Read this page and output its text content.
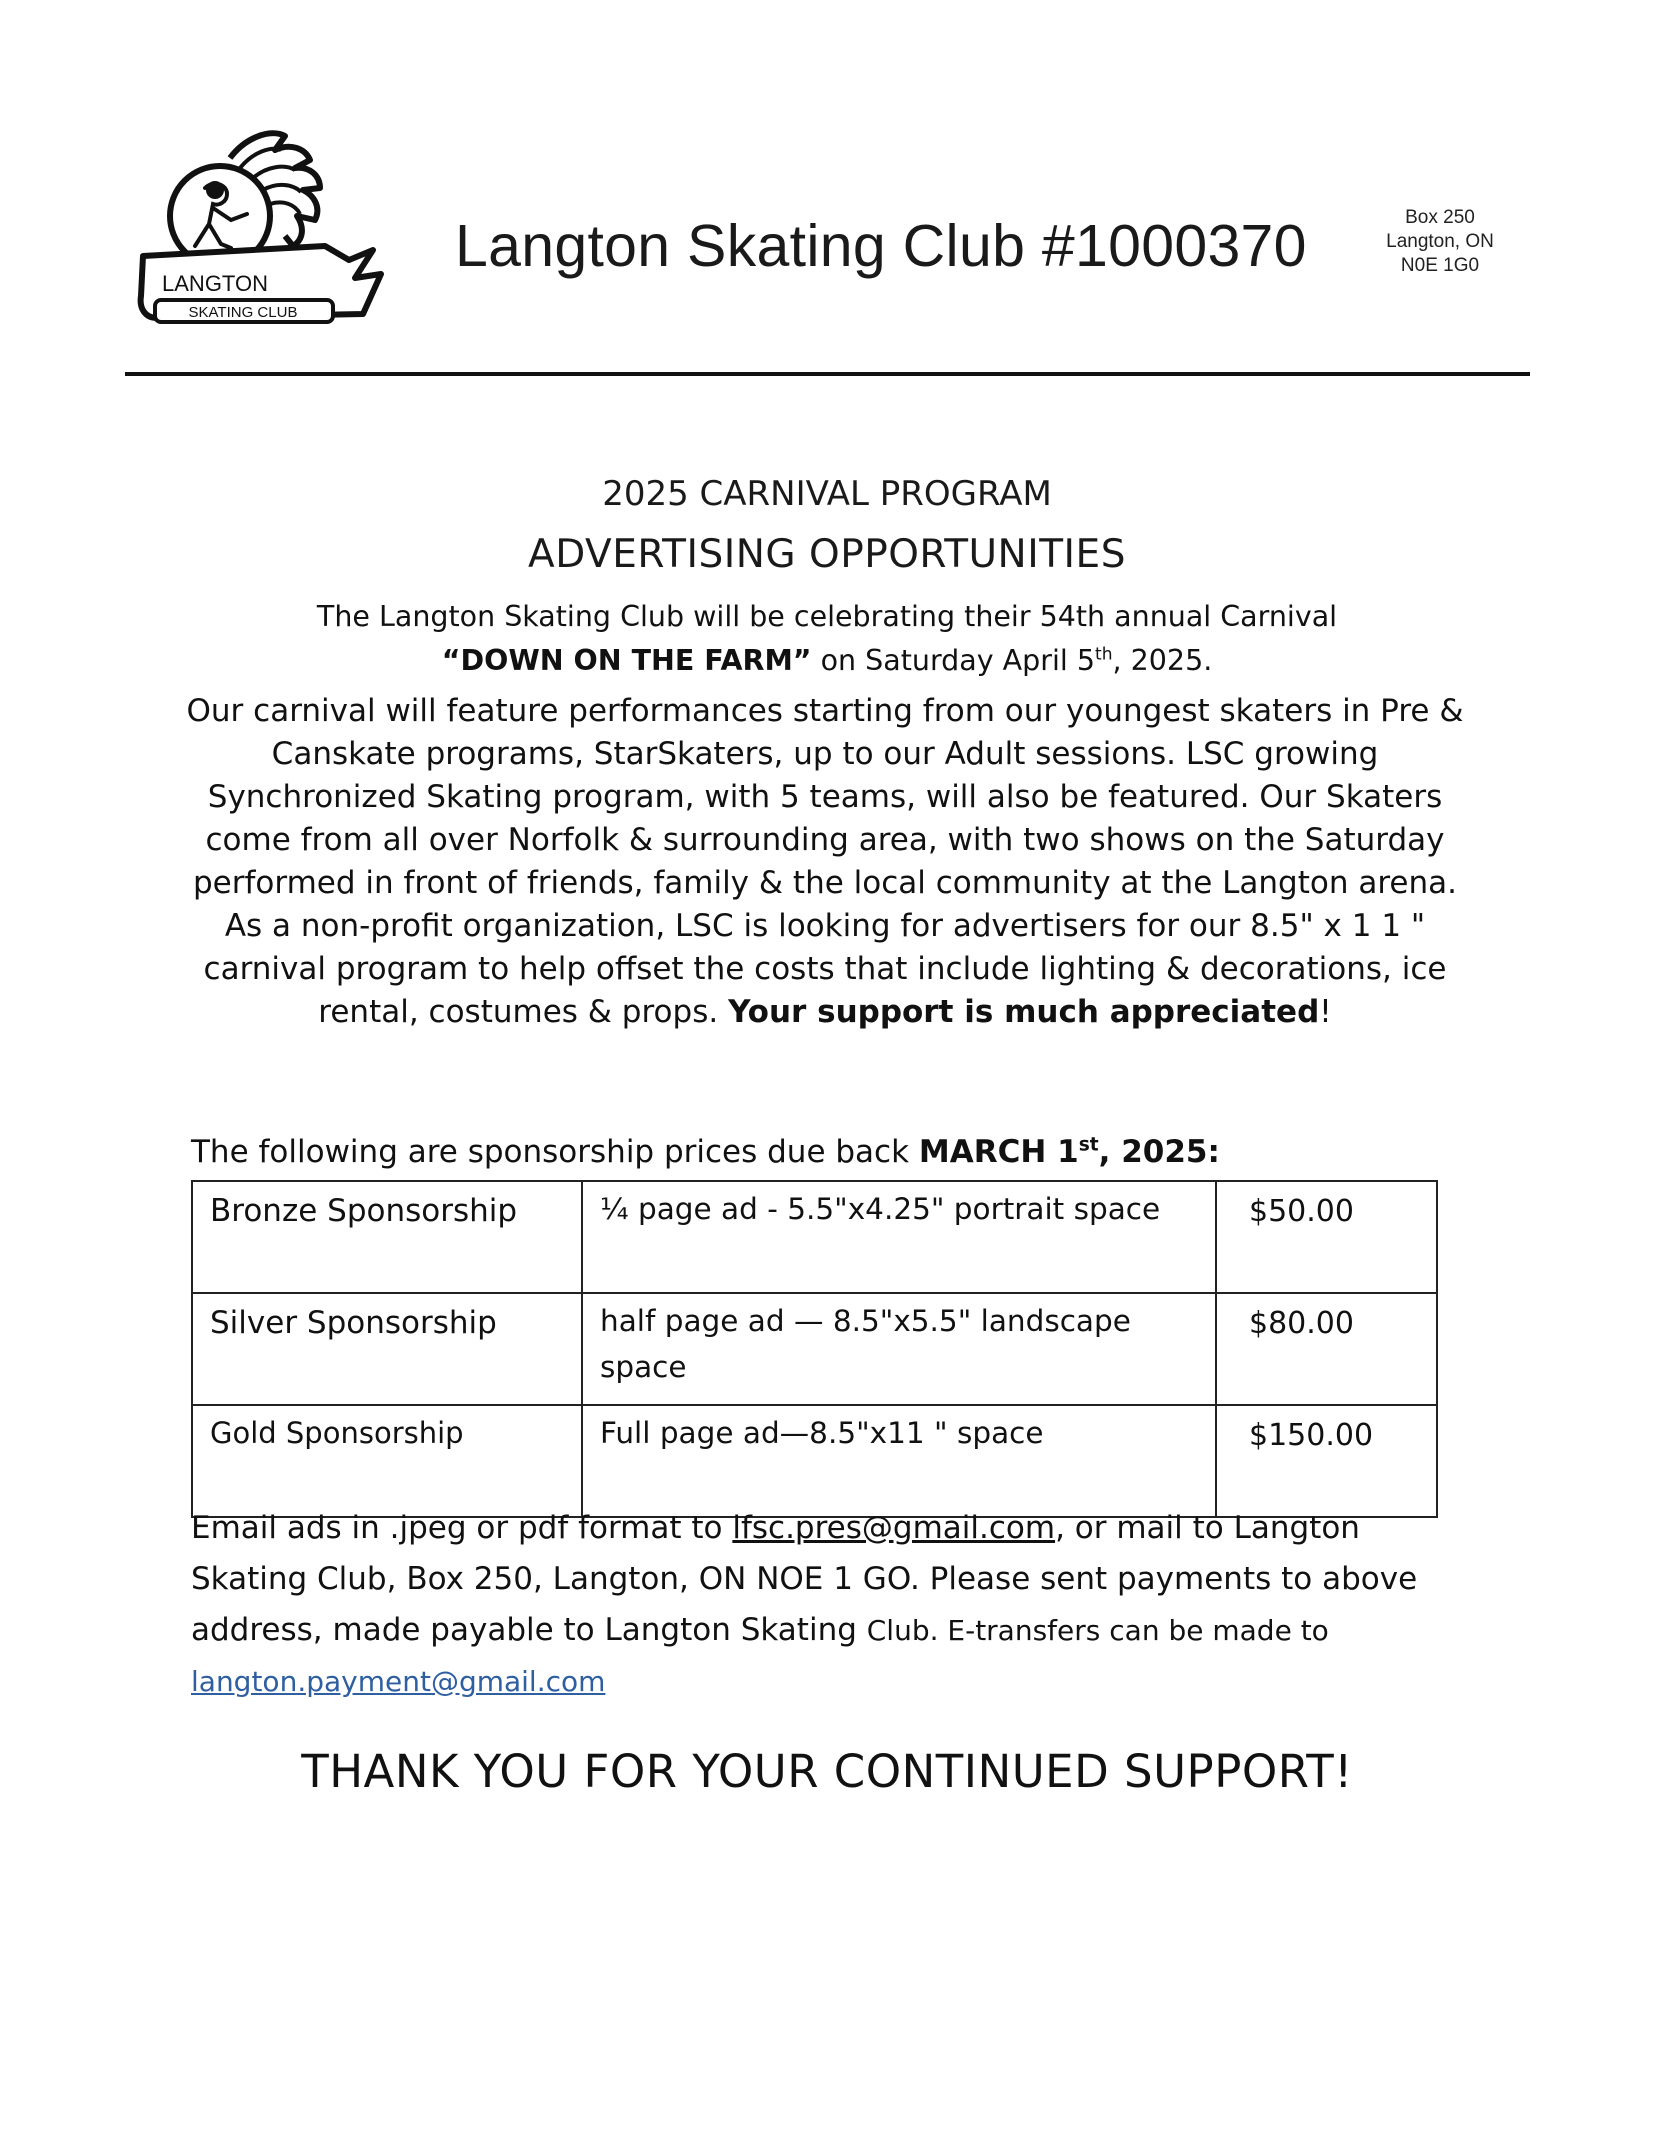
LANGTON
SKATING CLUB
Langton Skating Club #1000370	Box 250
Langton, ON
N0E 1G0
2025 CARNIVAL PROGRAM
ADVERTISING OPPORTUNITIES
The Langton Skating Club will be celebrating their 54th annual Carnival
“DOWN ON THE FARM” on Saturday April 5th, 2025.
Our carnival will feature performances starting from our youngest skaters in Pre & Canskate programs, StarSkaters, up to our Adult sessions. LSC growing Synchronized Skating program, with 5 teams, will also be featured. Our Skaters come from all over Norfolk & surrounding area, with two shows on the Saturday performed in front of friends, family & the local community at the Langton arena. As a non-profit organization, LSC is looking for advertisers for our 8.5" x 1 1 " carnival program to help offset the costs that include lighting & decorations, ice rental, costumes & props. Your support is much appreciated!
The following are sponsorship prices due back MARCH 1st, 2025:
Bronze Sponsorship	¼ page ad - 5.5"x4.25" portrait space	$50.00
Silver Sponsorship	half page ad — 8.5"x5.5" landscape space	$80.00
Gold Sponsorship	Full page ad—8.5"x11 " space	$150.00
Email ads in .jpeg or pdf format to lfsc.pres@gmail.com, or mail to Langton Skating Club, Box 250, Langton, ON NOE 1 GO. Please sent payments to above address, made payable to Langton Skating Club. E-transfers can be made to langton.payment@gmail.com
THANK YOU FOR YOUR CONTINUED SUPPORT!
